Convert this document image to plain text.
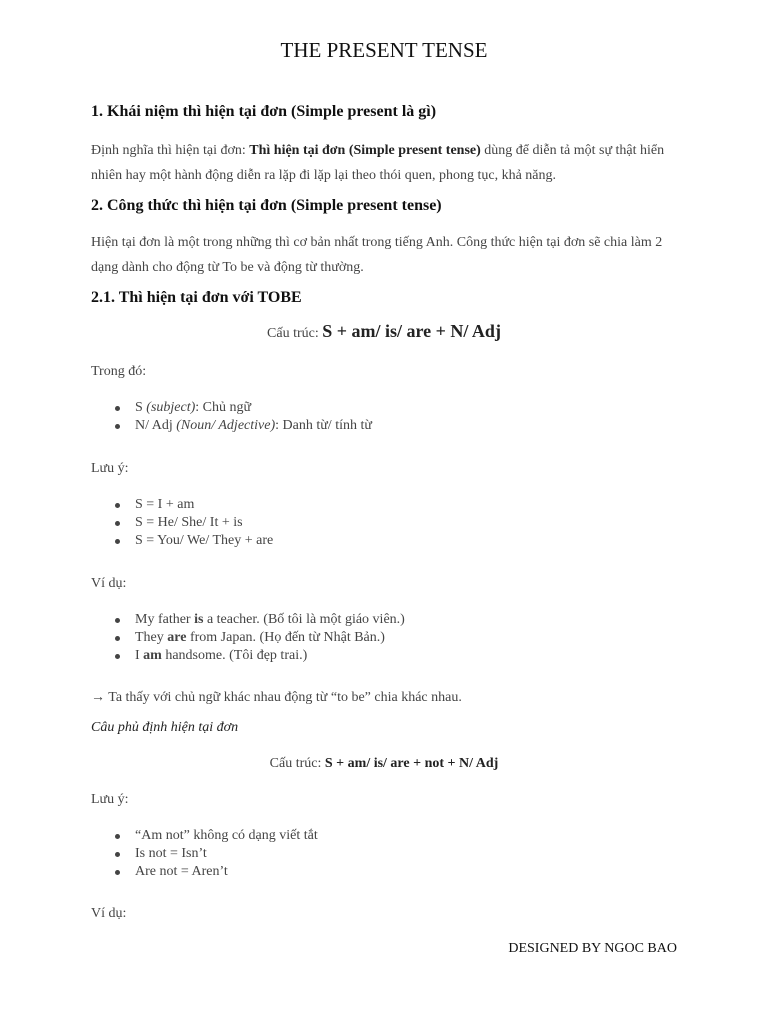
THE PRESENT TENSE
1. Khái niệm thì hiện tại đơn (Simple present là gì)
Định nghĩa thì hiện tại đơn: Thì hiện tại đơn (Simple present tense) dùng để diễn tả một sự thật hiển nhiên hay một hành động diễn ra lặp đi lặp lại theo thói quen, phong tục, khả năng.
2. Công thức thì hiện tại đơn (Simple present tense)
Hiện tại đơn là một trong những thì cơ bản nhất trong tiếng Anh. Công thức hiện tại đơn sẽ chia làm 2 dạng dành cho động từ To be và động từ thường.
2.1. Thì hiện tại đơn với TOBE
Cấu trúc: S + am/ is/ are + N/ Adj
Trong đó:
S (subject): Chủ ngữ
N/ Adj (Noun/ Adjective): Danh từ/ tính từ
Lưu ý:
S = I + am
S = He/ She/ It + is
S = You/ We/ They + are
Ví dụ:
My father is a teacher. (Bố tôi là một giáo viên.)
They are from Japan. (Họ đến từ Nhật Bản.)
I am handsome. (Tôi đẹp trai.)
→ Ta thấy với chủ ngữ khác nhau động từ “to be” chia khác nhau.
Câu phủ định hiện tại đơn
Cấu trúc: S + am/ is/ are + not + N/ Adj
Lưu ý:
“Am not” không có dạng viết tắt
Is not = Isn’t
Are not = Aren’t
Ví dụ:
DESIGNED BY NGOC BAO
